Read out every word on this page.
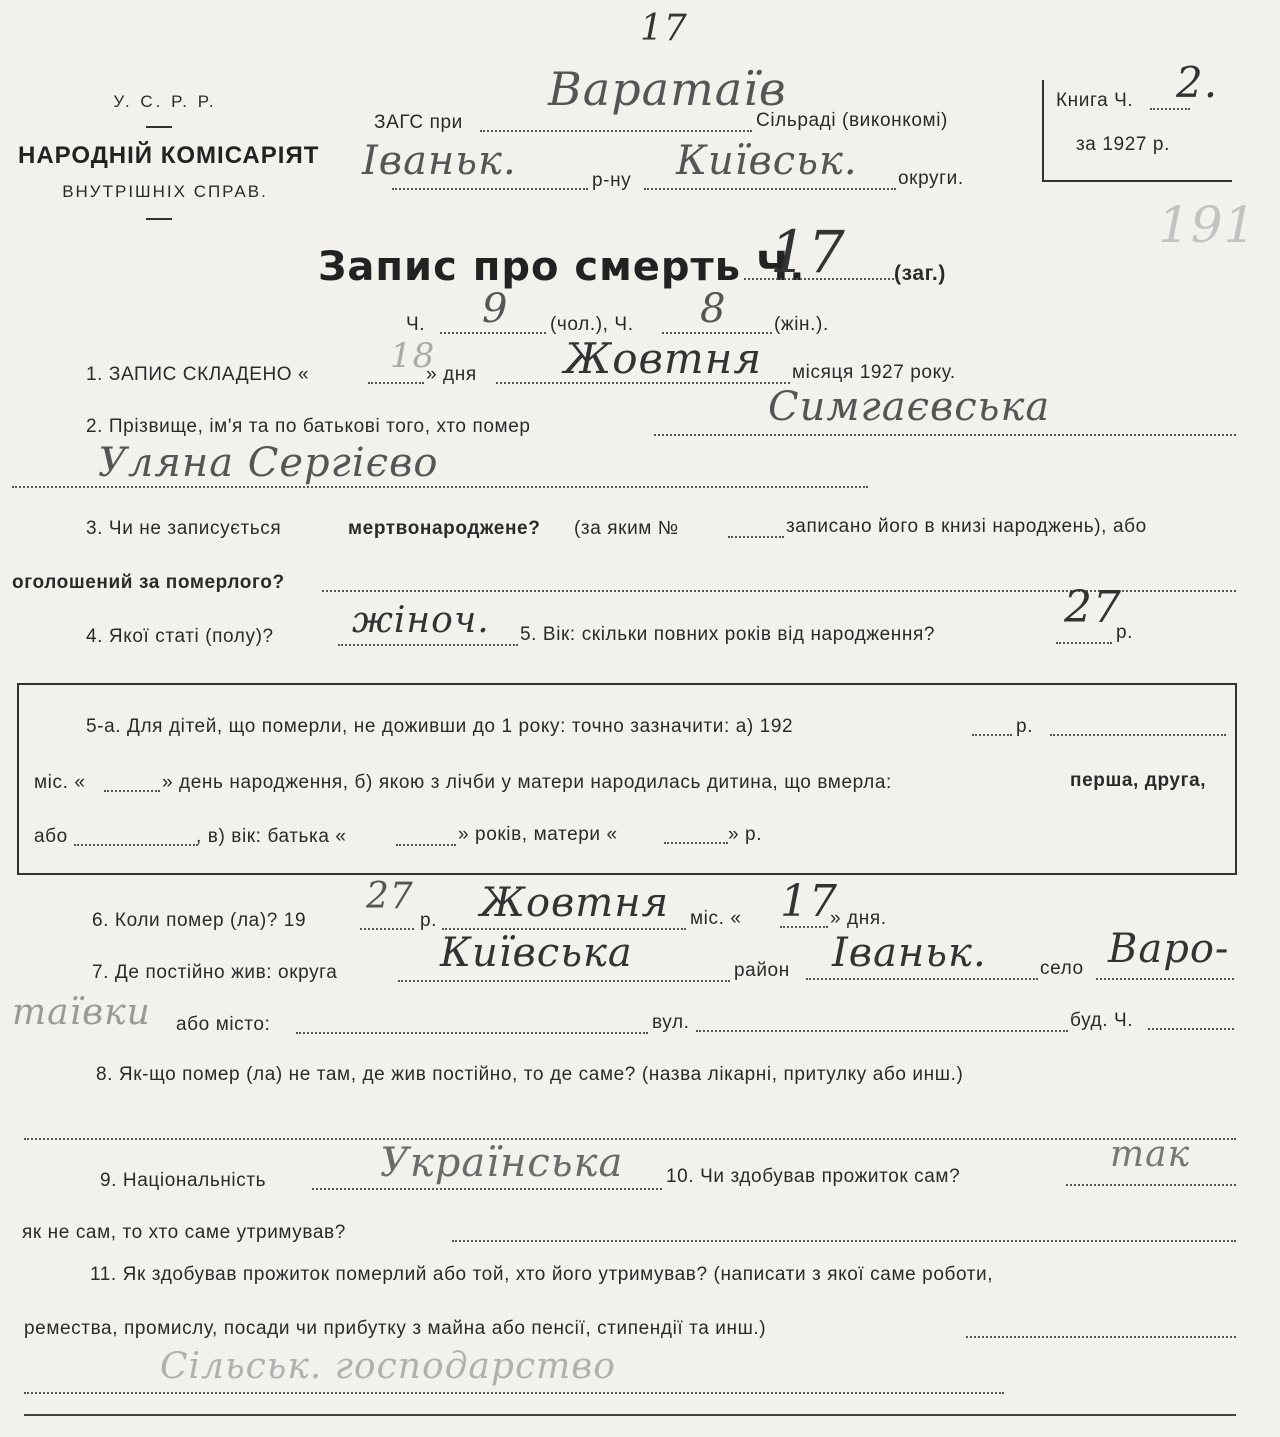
17
У. С. Р. Р.
НАРОДНІЙ КОМІСАРІЯТ
ВНУТРІШНІХ СПРАВ.
Варатаїв
ЗАГС при	Сільраді (виконкомі)
Іваньк.	р-ну Київськ. округи.
Книга Ч. 2.
за 1927 р.
191
Запис про смерть Ч.
17 (заг.)
Ч. 9 (чол.), Ч. 8	(жін.).
1. ЗАПИС СКЛАДЕНО « 18
» дня Жовтня місяця 1927 року.
Симгаєвська
2. Прізвище, ім'я та по батькові того, хто помер
Уляна Сергієво
3. Чи не записується	мертвонароджене? (за яким №	записано його в книзі народжень), або
оголошений за померлого?
4. Якої статі (полу)? жіноч. 5. Вік: скільки повних років від народження?
27
р.
5-а. Для дітей, що померли, не доживши до 1 року: точно зазначити: а) 192	р.
міс. «	» день народження, б) якою з лічби у матери народилась дитина, що вмерла:	перша, друга,
або	, в) вік: батька «	» років, матери «	» р.
6. Коли помер (ла)? 19
27
р. Жовтня міс. « 17
» дня.
7. Де постійно жив: округа	Київська	район Іваньк.	село Варо-
таївки або місто:	вул.	буд. Ч.
8. Як-що помер (ла) не там, де жив постійно, то де саме? (назва лікарні, притулку або инш.)
9. Національність	Українська 10. Чи здобував прожиток сам?
так
як не сам, то хто саме утримував?
11. Як здобував прожиток померлий або той, хто його утримував? (написати з якої саме роботи,
ремества, промислу, посади чи прибутку з майна або пенсії, стипендії та инш.)
Сільськ. господарство
